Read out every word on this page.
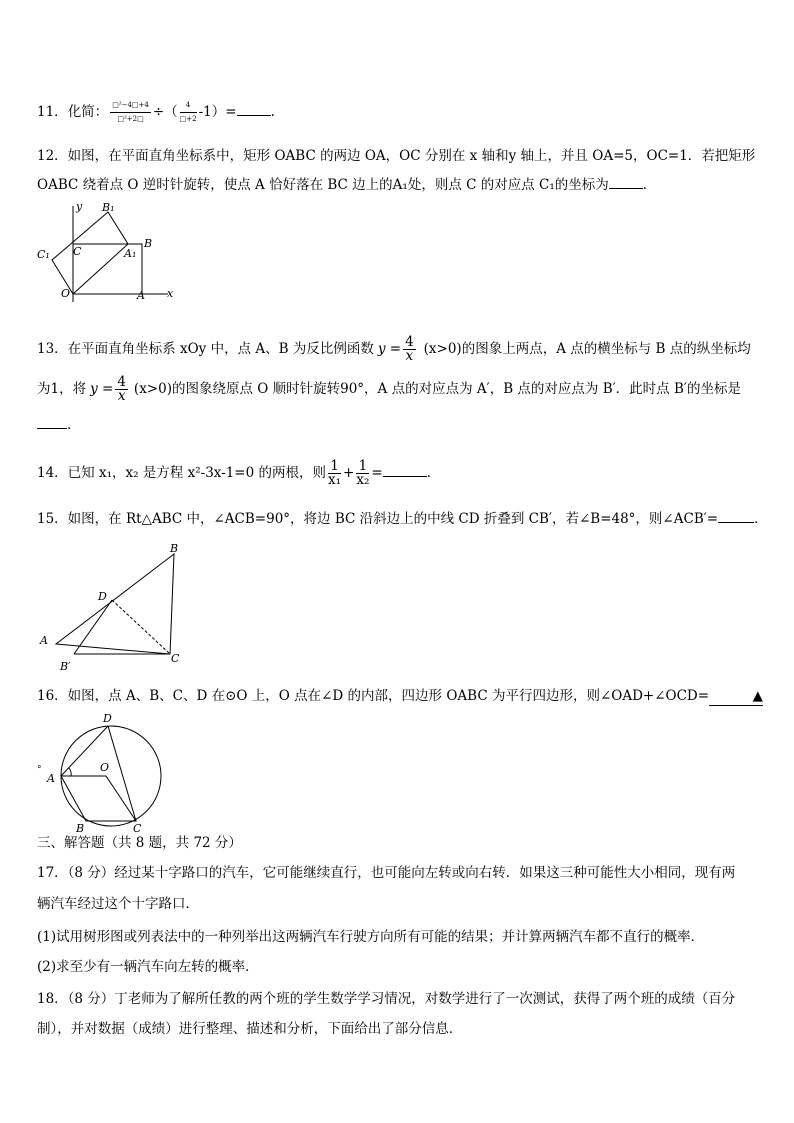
11．化简： $\frac{\text{□²−4□+4}}{\text{□²+2□}}$ ÷（ $\frac{4}{□+2} -1)=$	.
12．如图，在平面直角坐标系中，矩形 OABC 的两边 OA，OC 分别在 x 轴和y 轴上，并且 OA=5，OC=1．若把矩形
OABC 绕着点 O 逆时针旋转，使点 A 恰好落在 BC 边上的A₁处，则点 C 的对应点 C₁的坐标为	．
y B₁
B
C₁ C	A₁
O	A x
13．在平面直角坐标系 xOy 中，点 A、B 为反比例函数 $y = \frac{4}{x} (x>0)$的图象上两点，A 点的横坐标与 B 点的纵坐标均
为1，将 $y = \frac{4}{x} (x>0)$的图象绕原点 O 顺时针旋转90°，A 点的对应点为 A′，B 点的对应点为 B′．此时点 B′的坐标是
．
14．已知 x₁，x₂ 是方程 x²-3x-1=0 的两根，则 $\frac{1}{\text{x₁}} + \frac{1}{\text{x₂}}$ =	．
15．如图，在 Rt△ABC 中，∠ACB=90°，将边 BC 沿斜边上的中线 CD 折叠到 CB′，若∠B=48°，则∠ACB′=	．
B
D
A
B′
C
16．如图，点 A、B、C、D 在⊙O 上，O 点在∠D 的内部，四边形 OABC 为平行四边形，则∠OAD+∠OCD=	▲
D
O
A
°
B	C
三、解答题（共 8 题，共 72 分）
17．（8 分）经过某十字路口的汽车，它可能继续直行，也可能向左转或向右转．如果这三种可能性大小相同，现有两
辆汽车经过这个十字路口．
(1)试用树形图或列表法中的一种列举出这两辆汽车行驶方向所有可能的结果；并计算两辆汽车都不直行的概率．
(2)求至少有一辆汽车向左转的概率．
18．（8 分）丁老师为了解所任教的两个班的学生数学学习情况，对数学进行了一次测试，获得了两个班的成绩（百分
制），并对数据（成绩）进行整理、描述和分析，下面给出了部分信息．
